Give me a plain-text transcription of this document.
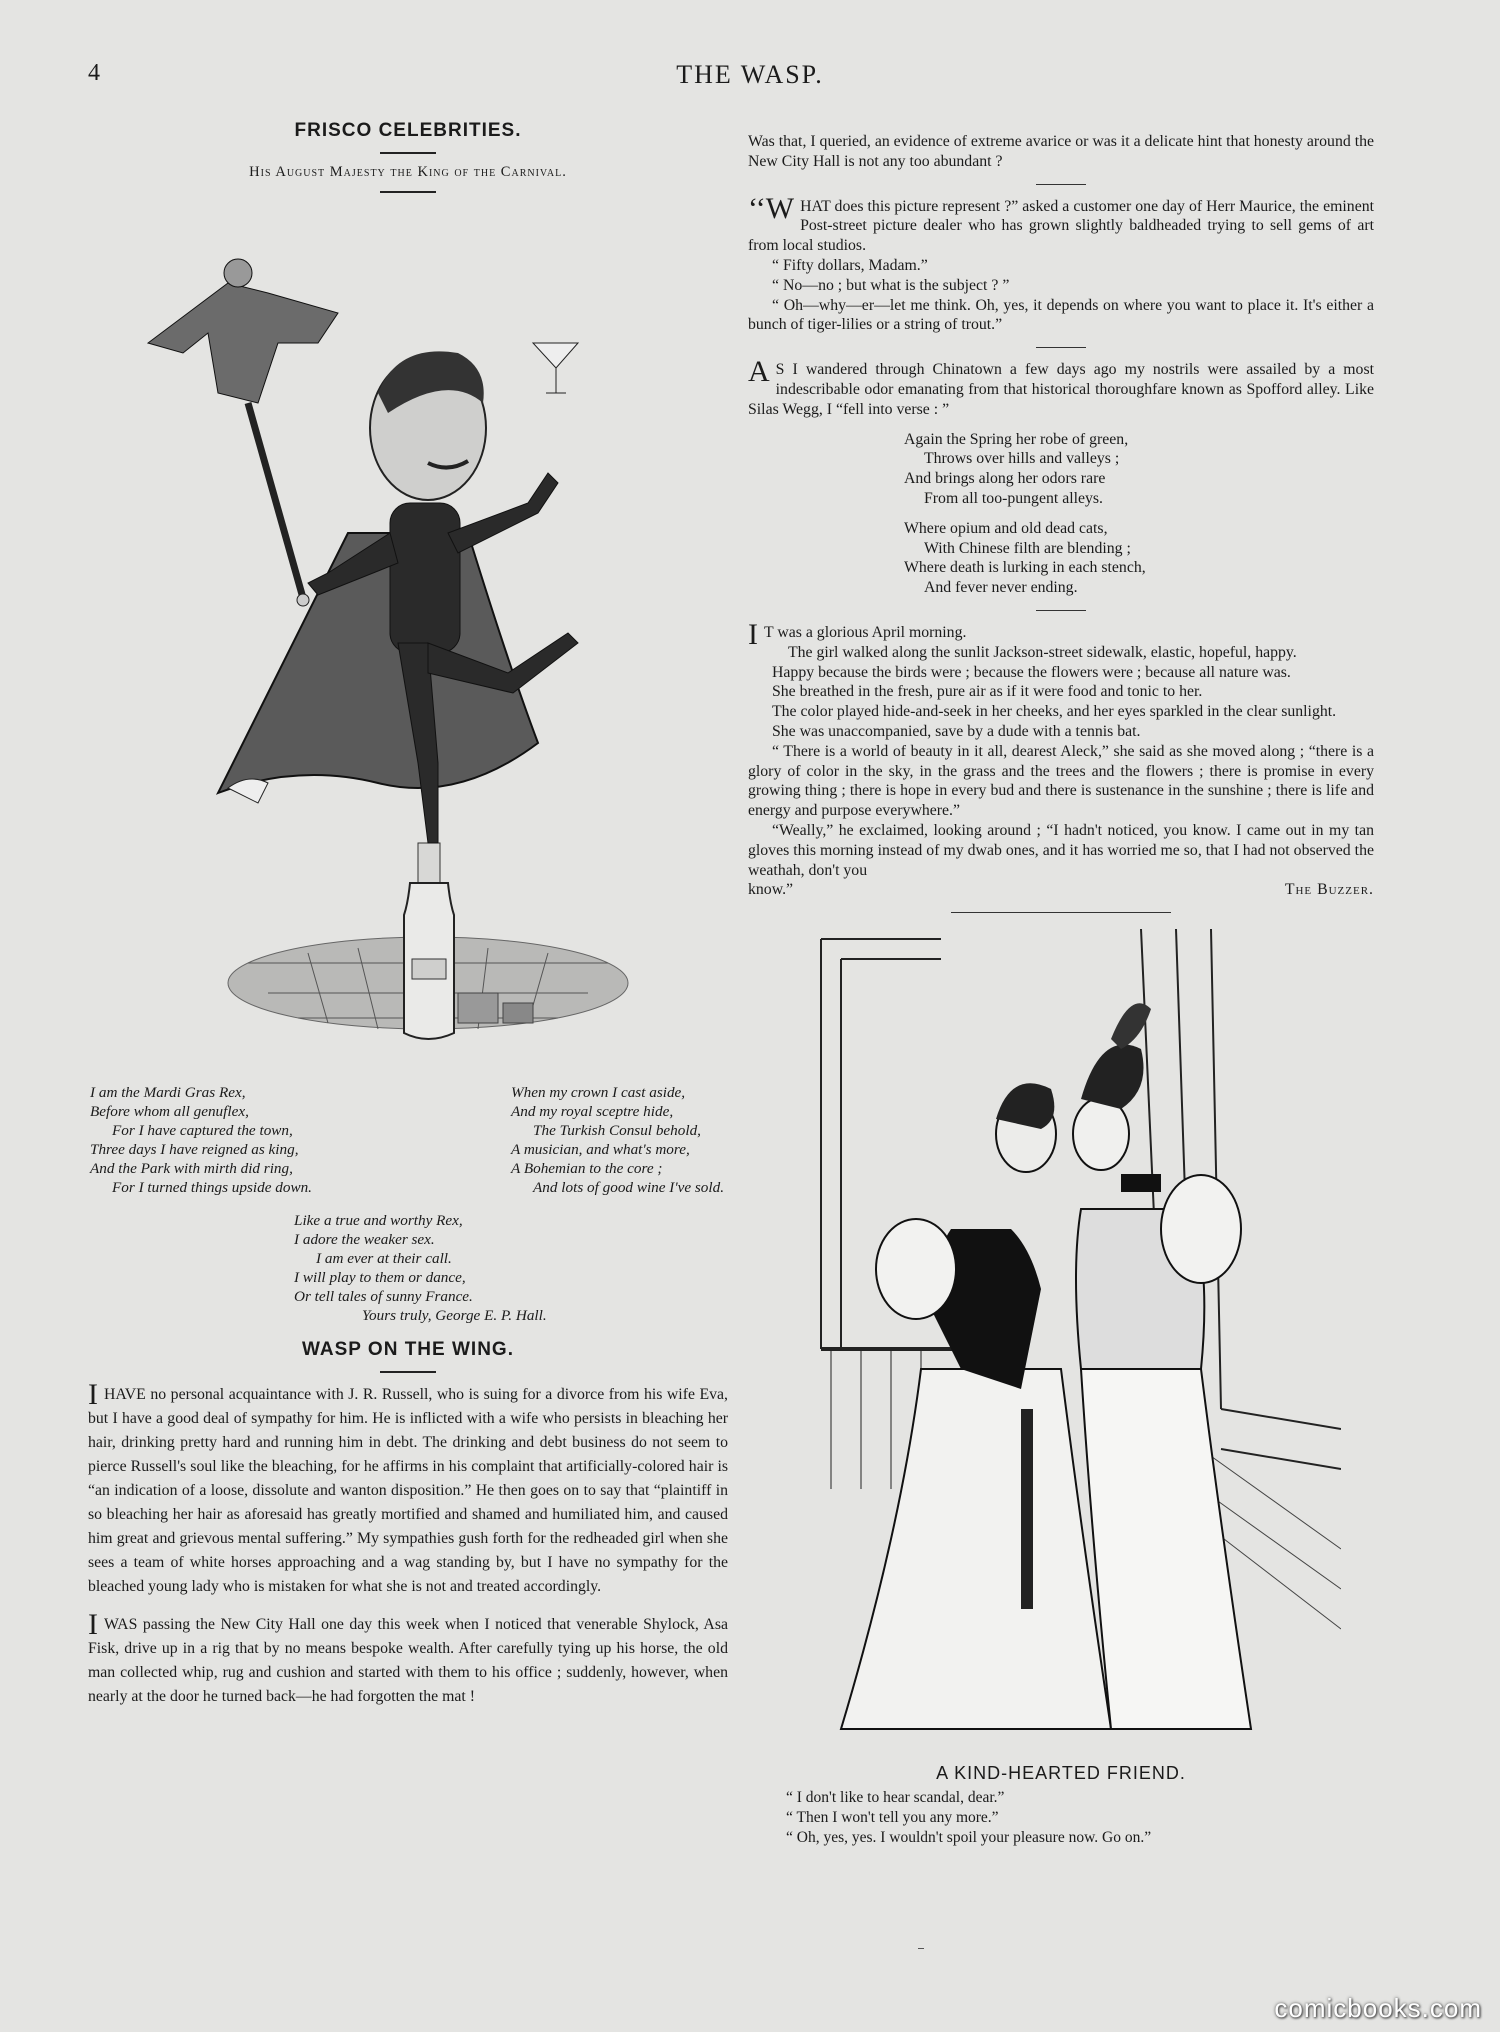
4	THE WASP.
FRISCO CELEBRITIES.
His August Majesty the King of the Carnival.
I am the Mardi Gras Rex,
Before whom all genuflex,
For I have captured the town,
Three days I have reigned as king,
And the Park with mirth did ring,
For I turned things upside down.
When my crown I cast aside,
And my royal sceptre hide,
The Turkish Consul behold,
A musician, and what's more,
A Bohemian to the core ;
And lots of good wine I've sold.
Like a true and worthy Rex,
I adore the weaker sex.
I am ever at their call.
I will play to them or dance,
Or tell tales of sunny France.
Yours truly, George E. P. Hall.
WASP ON THE WING.

IHAVE no personal acquaintance with J. R. Russell, who is suing for a divorce from his wife Eva, but I have a good deal of sympathy for him. He is inflicted with a wife who persists in bleaching her hair, drinking pretty hard and running him in debt. The drinking and debt business do not seem to pierce Russell's soul like the bleaching, for he affirms in his complaint that artificially-colored hair is “an indication of a loose, dissolute and wanton disposition.” He then goes on to say that “plaintiff in so bleaching her hair as aforesaid has greatly mortified and shamed and humiliated him, and caused him great and grievous mental suffering.” My sympathies gush forth for the redheaded girl when she sees a team of white horses approaching and a wag standing by, but I have no sympathy for the bleached young lady who is mistaken for what she is not and treated accordingly.

IWAS passing the New City Hall one day this week when I noticed that venerable Shylock, Asa Fisk, drive up in a rig that by no means bespoke wealth. After carefully tying up his horse, the old man collected whip, rug and cushion and started with them to his office ; suddenly, however, when nearly at the door he turned back—he had forgotten the mat !

Was that, I queried, an evidence of extreme avarice or was it a delicate hint that honesty around the New City Hall is not any too abundant ?

‘‘W HAT does this picture represent ?” asked a customer one day of Herr Maurice, the eminent Post-street picture dealer who has grown slightly baldheaded trying to sell gems of art from local studios.

“ Fifty dollars, Madam.”

“ No—no ; but what is the subject ? ”

“ Oh—why—er—let me think. Oh, yes, it depends on where you want to place it. It's either a bunch of tiger-lilies or a string of trout.”

A S I wandered through Chinatown a few days ago my nostrils were assailed by a most indescribable odor emanating from that historical thoroughfare known as Spofford alley. Like Silas Wegg, I “fell into verse : ”

Again the Spring her robe of green,
Throws over hills and valleys ;
And brings along her odors rare
From all too-pungent alleys.
Where opium and old dead cats,
With Chinese filth are blending ;
Where death is lurking in each stench,
And fever never ending.

I T was a glorious April morning.

The girl walked along the sunlit Jackson-street sidewalk, elastic, hopeful, happy.

Happy because the birds were ; because the flowers were ; because all nature was.

She breathed in the fresh, pure air as if it were food and tonic to her.

The color played hide-and-seek in her cheeks, and her eyes sparkled in the clear sunlight.

She was unaccompanied, save by a dude with a tennis bat.

“ There is a world of beauty in it all, dearest Aleck,” she said as she moved along ; “there is a glory of color in the sky, in the grass and the trees and the flowers ; there is promise in every growing thing ; there is hope in every bud and there is sustenance in the sunshine ; there is life and energy and purpose everywhere.”

“Weally,” he exclaimed, looking around ; “I hadn't noticed, you know. I came out in my tan gloves this morning instead of my dwab ones, and it has worried me so, that I had not observed the weathah, don't you

know.”	The Buzzer.
A KIND-HEARTED FRIEND.
“ I don't like to hear scandal, dear.”
“ Then I won't tell you any more.”
“ Oh, yes, yes. I wouldn't spoil your pleasure now. Go on.”
comicbooks.com
